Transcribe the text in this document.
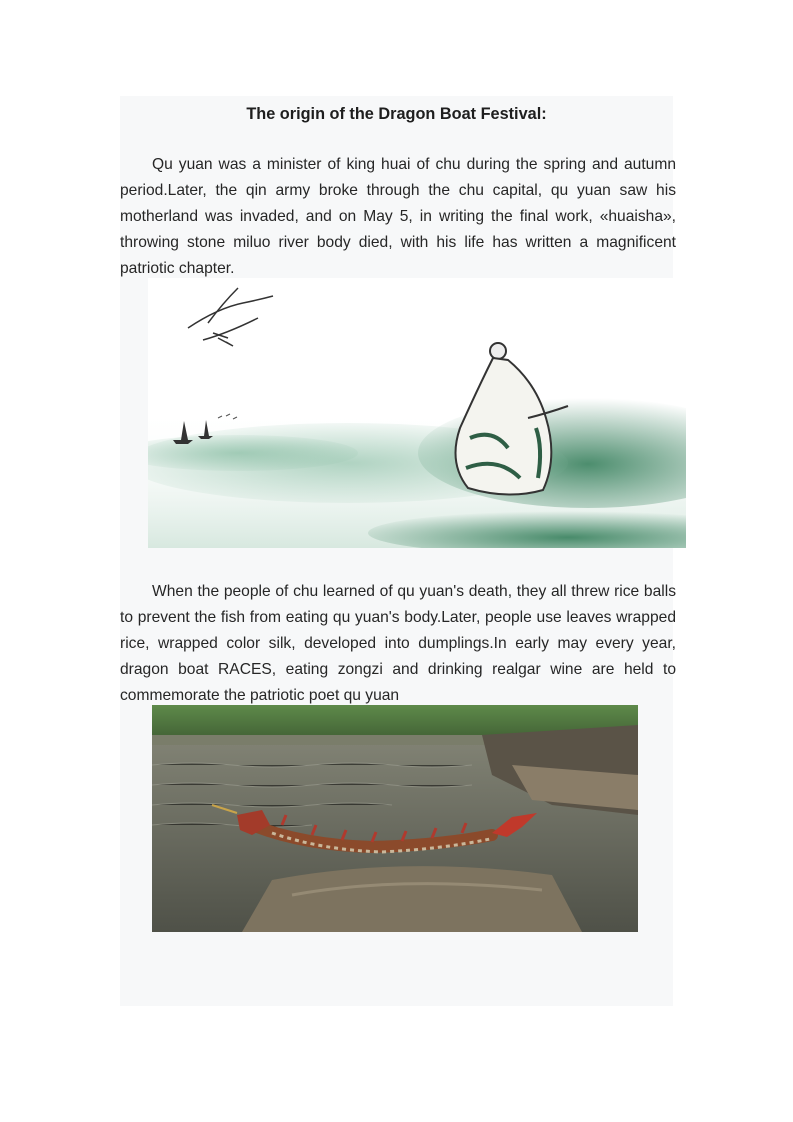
The origin of the Dragon Boat Festival:

Qu yuan was a minister of king huai of chu during the spring and autumn period.Later, the qin army broke through the chu capital, qu yuan saw his motherland was invaded, and on May 5, in writing the final work, «huaisha», throwing stone miluo river body died, with his life has written a magnificent patriotic chapter.

When the people of chu learned of qu yuan's death, they all threw rice balls to prevent the fish from eating qu yuan's body.Later, people use leaves wrapped rice, wrapped color silk, developed into dumplings.In early may every year, dragon boat RACES, eating zongzi and drinking realgar wine are held to commemorate the patriotic poet qu yuan
